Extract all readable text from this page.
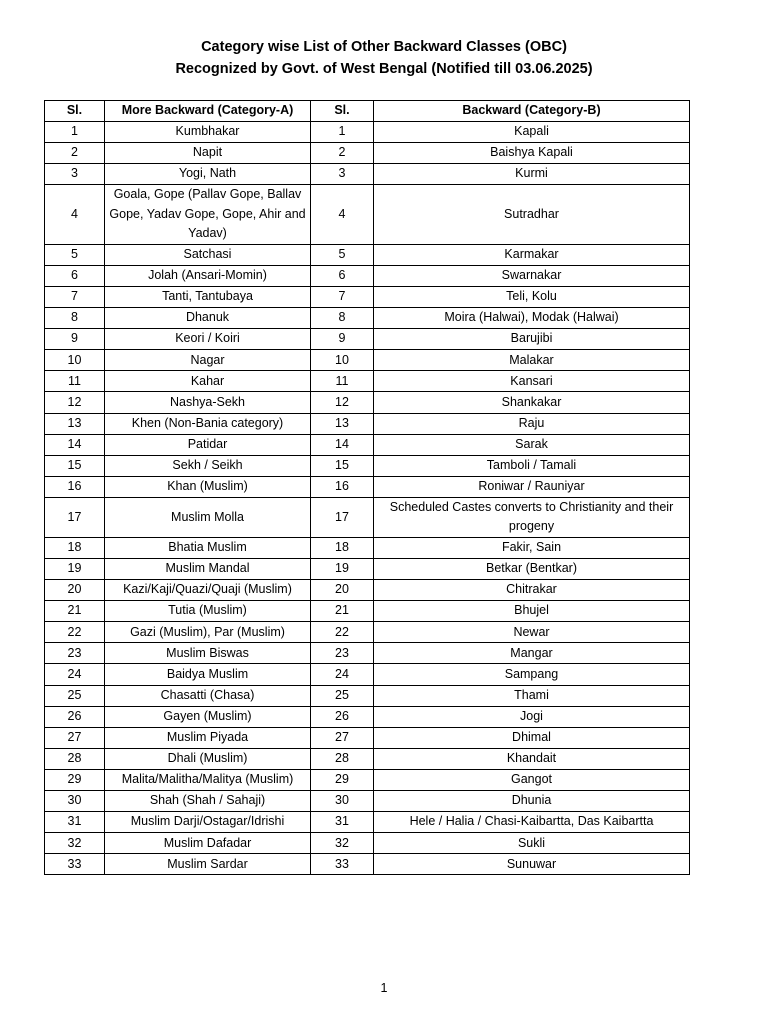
Category wise List of Other Backward Classes (OBC)
Recognized by Govt. of West Bengal (Notified till 03.06.2025)
Sl.	More Backward (Category-A)	Sl.	Backward (Category-B)
1	Kumbhakar	1	Kapali
2	Napit	2	Baishya Kapali
3	Yogi, Nath	3	Kurmi
4	Goala, Gope (Pallav Gope, Ballav Gope, Yadav Gope, Gope, Ahir and Yadav)	4	Sutradhar
5	Satchasi	5	Karmakar
6	Jolah (Ansari-Momin)	6	Swarnakar
7	Tanti, Tantubaya	7	Teli, Kolu
8	Dhanuk	8	Moira (Halwai), Modak (Halwai)
9	Keori / Koiri	9	Barujibi
10	Nagar	10	Malakar
11	Kahar	11	Kansari
12	Nashya-Sekh	12	Shankakar
13	Khen (Non-Bania category)	13	Raju
14	Patidar	14	Sarak
15	Sekh / Seikh	15	Tamboli / Tamali
16	Khan (Muslim)	16	Roniwar / Rauniyar
17	Muslim Molla	17	Scheduled Castes converts to Christianity and their progeny
18	Bhatia Muslim	18	Fakir, Sain
19	Muslim Mandal	19	Betkar (Bentkar)
20	Kazi/Kaji/Quazi/Quaji (Muslim)	20	Chitrakar
21	Tutia (Muslim)	21	Bhujel
22	Gazi (Muslim), Par (Muslim)	22	Newar
23	Muslim Biswas	23	Mangar
24	Baidya Muslim	24	Sampang
25	Chasatti (Chasa)	25	Thami
26	Gayen (Muslim)	26	Jogi
27	Muslim Piyada	27	Dhimal
28	Dhali (Muslim)	28	Khandait
29	Malita/Malitha/Malitya (Muslim)	29	Gangot
30	Shah (Shah / Sahaji)	30	Dhunia
31	Muslim Darji/Ostagar/Idrishi	31	Hele / Halia / Chasi-Kaibartta, Das Kaibartta
32	Muslim Dafadar	32	Sukli
33	Muslim Sardar	33	Sunuwar
1
